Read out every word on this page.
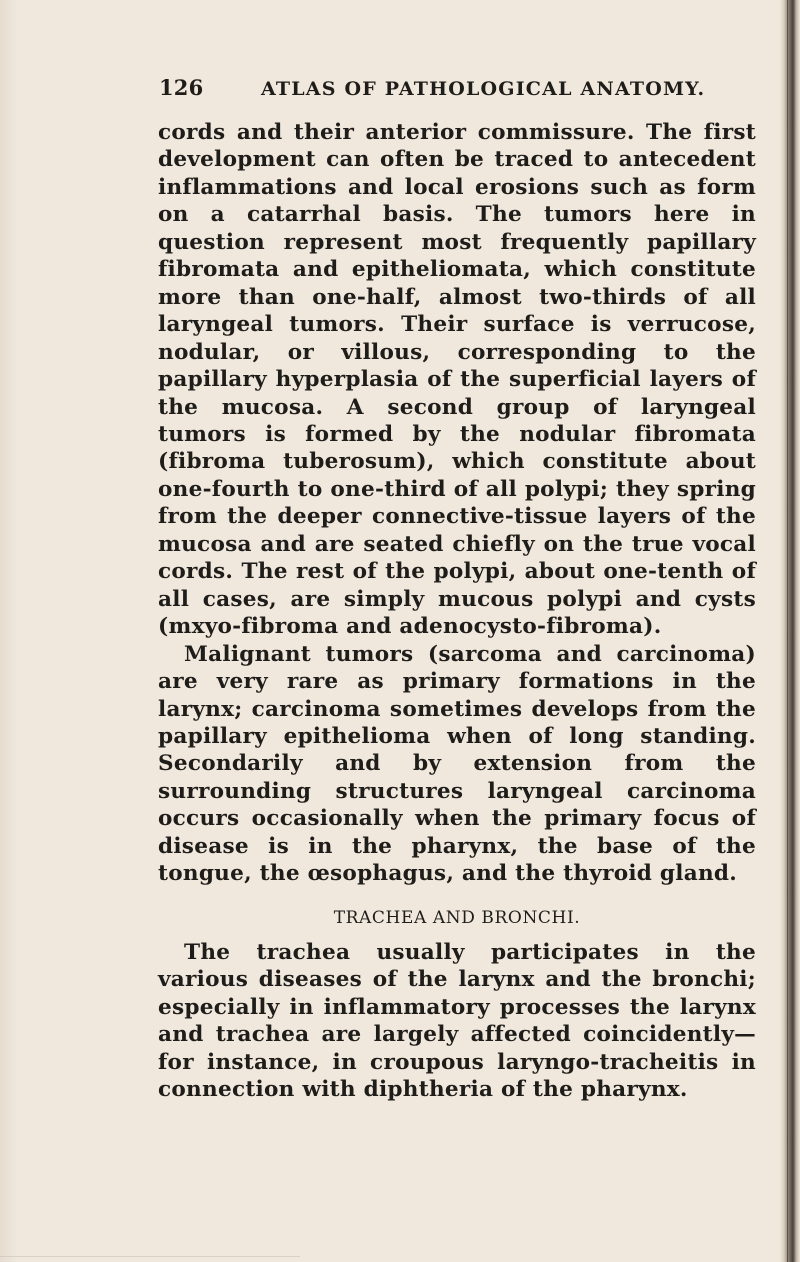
126	ATLAS OF PATHOLOGICAL ANATOMY.

cords and their anterior commissure. The first development can often be traced to antecedent inflammations and local erosions such as form on a catarrhal basis. The tumors here in question represent most frequently papillary fibromata and epitheliomata, which constitute more than one-half, almost two-thirds of all laryngeal tumors. Their surface is verrucose, nodular, or villous, corresponding to the papillary hyperplasia of the superficial layers of the mucosa. A second group of laryngeal tumors is formed by the nodular fibromata (fibroma tuberosum), which constitute about one-fourth to one-third of all polypi; they spring from the deeper connective-tissue layers of the mucosa and are seated chiefly on the true vocal cords. The rest of the polypi, about one-tenth of all cases, are simply mucous polypi and cysts (mxyo-fibroma and adenocysto-fibroma).

Malignant tumors (sarcoma and carcinoma) are very rare as primary formations in the larynx; carcinoma sometimes develops from the papillary epithelioma when of long standing. Secondarily and by extension from the surrounding structures laryngeal carcinoma occurs occasionally when the primary focus of disease is in the pharynx, the base of the tongue, the œsophagus, and the thyroid gland.

TRACHEA AND BRONCHI.

The trachea usually participates in the various diseases of the larynx and the bronchi; especially in inflammatory processes the larynx and trachea are largely affected coincidently—for instance, in croupous laryngo-tracheitis in connection with diphtheria of the pharynx.
